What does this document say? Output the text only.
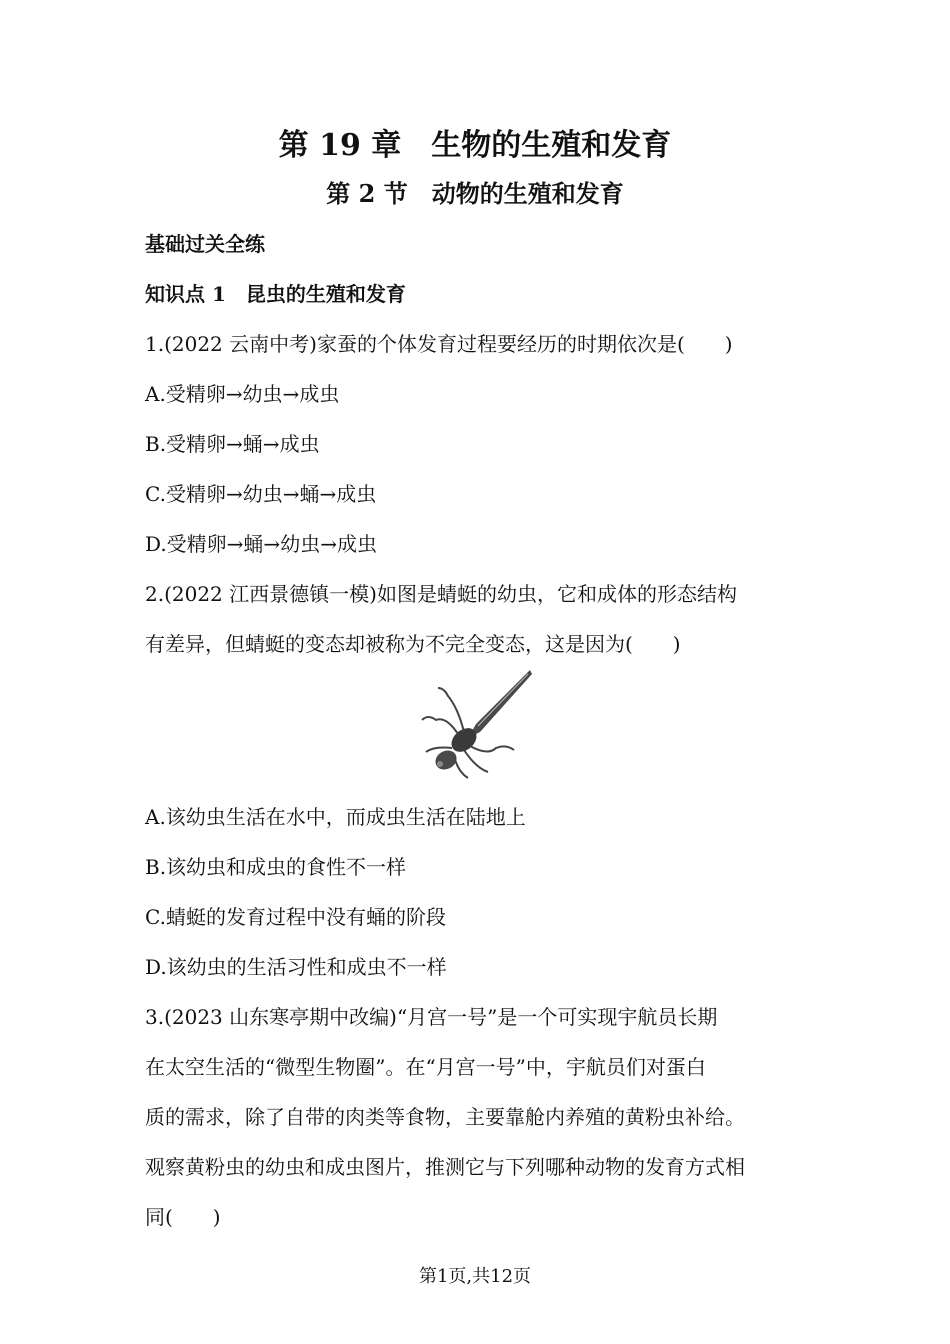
第 19 章　生物的生殖和发育
第 2 节　动物的生殖和发育
基础过关全练
知识点 1　昆虫的生殖和发育
1.(2022 云南中考)家蚕的个体发育过程要经历的时期依次是(　　)
A.受精卵→幼虫→成虫
B.受精卵→蛹→成虫
C.受精卵→幼虫→蛹→成虫
D.受精卵→蛹→幼虫→成虫
2.(2022 江西景德镇一模)如图是蜻蜓的幼虫，它和成体的形态结构
有差异，但蜻蜓的变态却被称为不完全变态，这是因为(　　)
A.该幼虫生活在水中，而成虫生活在陆地上
B.该幼虫和成虫的食性不一样
C.蜻蜓的发育过程中没有蛹的阶段
D.该幼虫的生活习性和成虫不一样
3.(2023 山东寒亭期中改编)“月宫一号”是一个可实现宇航员长期
在太空生活的“微型生物圈”。在“月宫一号”中，宇航员们对蛋白
质的需求，除了自带的肉类等食物，主要靠舱内养殖的黄粉虫补给。
观察黄粉虫的幼虫和成虫图片，推测它与下列哪种动物的发育方式相
同(　　)
第1页,共12页
